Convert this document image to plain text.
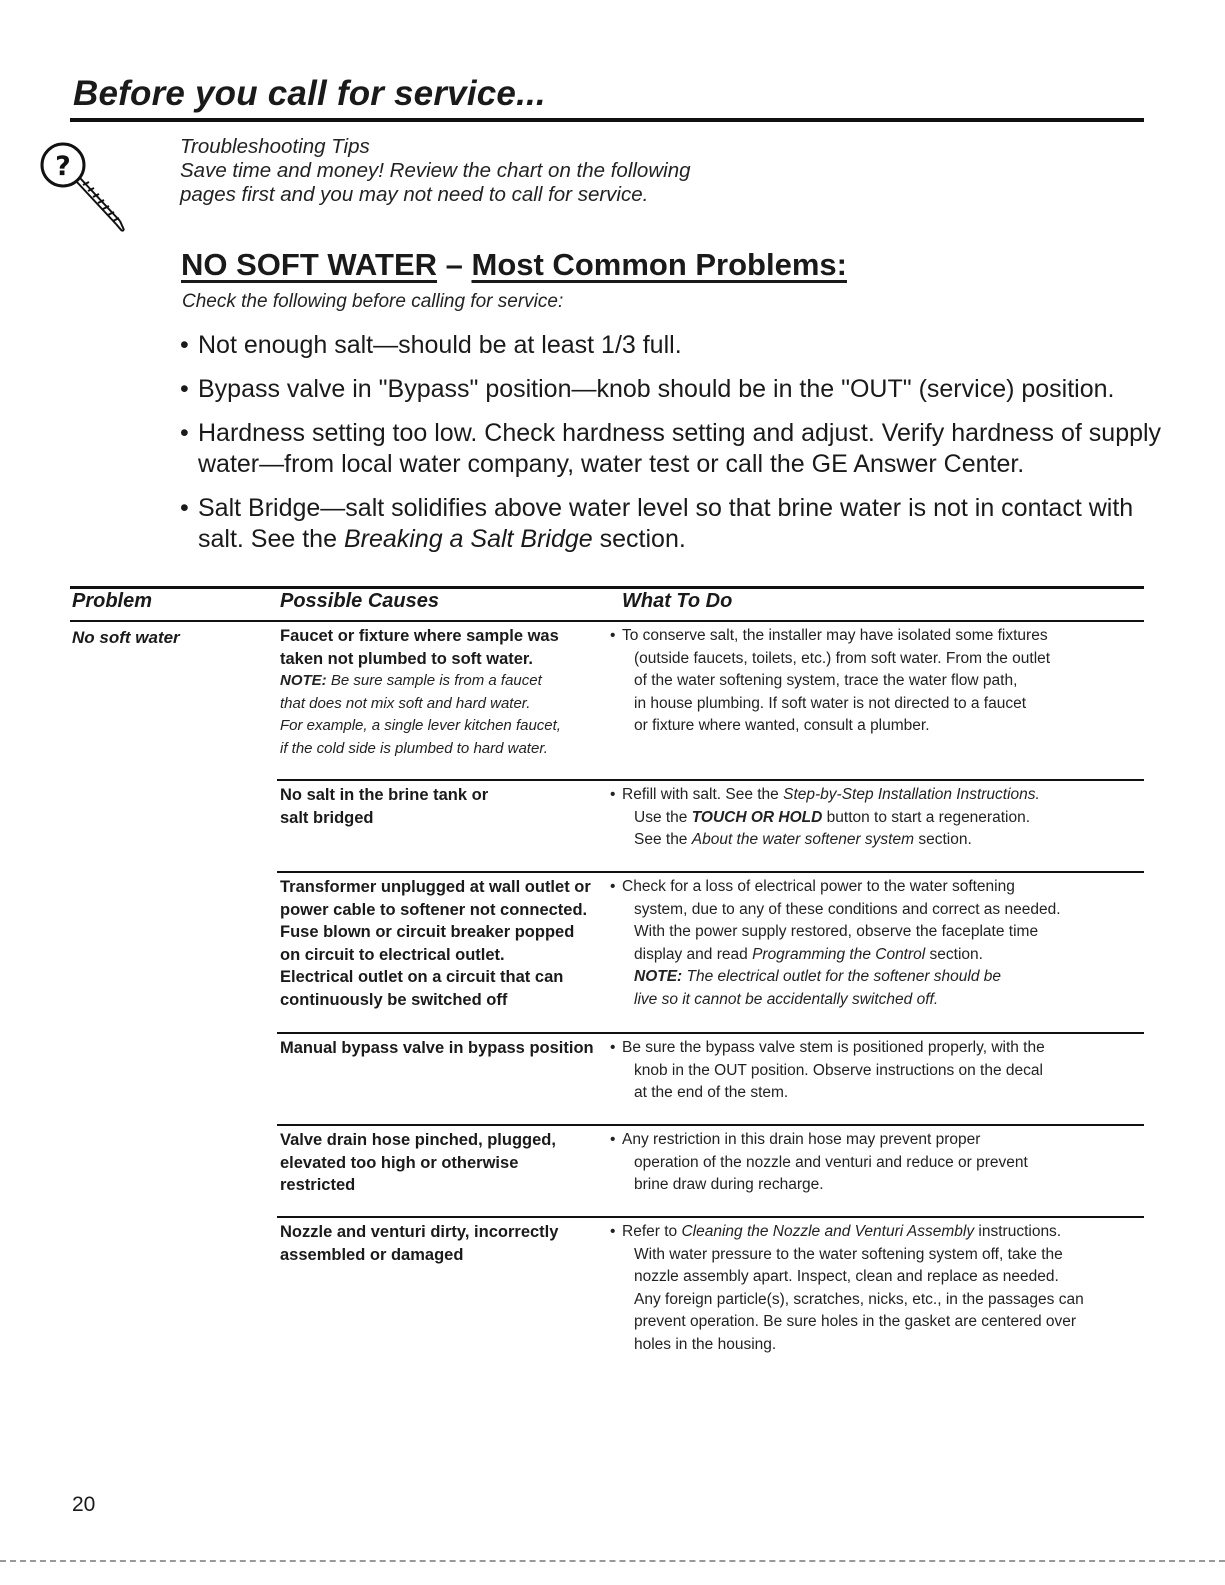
Before you call for service...
?
Troubleshooting Tips
Save time and money! Review the chart on the following
pages first and you may not need to call for service.
NO SOFT WATER – Most Common Problems:
Check the following before calling for service:
• Not enough salt—should be at least 1/3 full.
• Bypass valve in "Bypass" position—knob should be in the "OUT" (service) position.
• Hardness setting too low. Check hardness setting and adjust. Verify hardness of supply
water—from local water company, water test or call the GE Answer Center.
• Salt Bridge—salt solidifies above water level so that brine water is not in contact with
salt. See the Breaking a Salt Bridge section.
Problem	Possible Causes	What To Do
No soft water	Faucet or fixture where sample was
taken not plumbed to soft water.
NOTE: Be sure sample is from a faucet
that does not mix soft and hard water.
For example, a single lever kitchen faucet,
if the cold side is plumbed to hard water.
• To conserve salt, the installer may have isolated some fixtures
(outside faucets, toilets, etc.) from soft water. From the outlet
of the water softening system, trace the water flow path,
in house plumbing. If soft water is not directed to a faucet
or fixture where wanted, consult a plumber.
No salt in the brine tank or
salt bridged
• Refill with salt. See the Step-by-Step Installation Instructions.
Use the TOUCH OR HOLD button to start a regeneration.
See the About the water softener system section.
Transformer unplugged at wall outlet or
power cable to softener not connected.
Fuse blown or circuit breaker popped
on circuit to electrical outlet.
Electrical outlet on a circuit that can
continuously be switched off
• Check for a loss of electrical power to the water softening
system, due to any of these conditions and correct as needed.
With the power supply restored, observe the faceplate time
display and read Programming the Control section.
NOTE: The electrical outlet for the softener should be
live so it cannot be accidentally switched off.
Manual bypass valve in bypass position
•	Be sure the bypass valve stem is positioned properly, with the
knob in the OUT position. Observe instructions on the decal
at the end of the stem.
Valve drain hose pinched, plugged,
elevated too high or otherwise
restricted
• Any restriction in this drain hose may prevent proper
operation of the nozzle and venturi and reduce or prevent
brine draw during recharge.
Nozzle and venturi dirty, incorrectly
assembled or damaged
• Refer to Cleaning the Nozzle and Venturi Assembly instructions.
With water pressure to the water softening system off, take the
nozzle assembly apart. Inspect, clean and replace as needed.
Any foreign particle(s), scratches, nicks, etc., in the passages can
prevent operation. Be sure holes in the gasket are centered over
holes in the housing.
20
